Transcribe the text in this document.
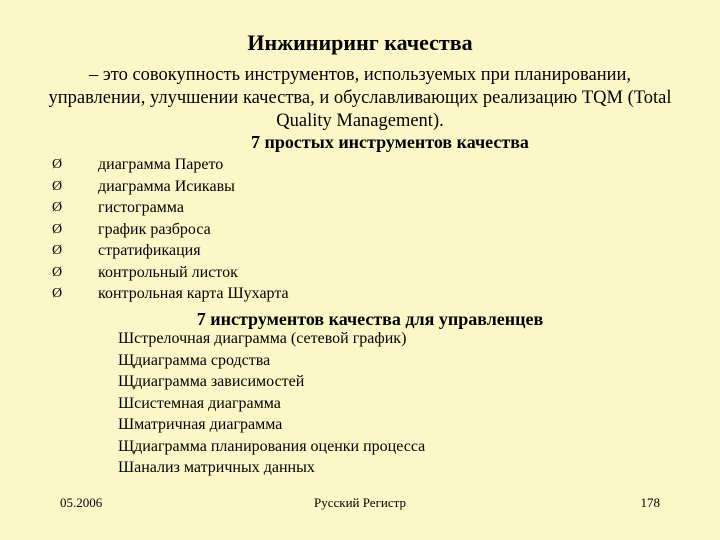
Инжиниринг качества
– это совокупность инструментов, используемых при планировании, управлении, улучшении качества, и обуславливающих реализацию TQM (Total Quality Management).
7 простых инструментов качества
Ø	диаграмма Парето
Ø	диаграмма Исикавы
Ø	гистограмма
Ø	график разброса
Ø	стратификация
Ø	контрольный листок
Ø	контрольная карта Шухарта
7 инструментов качества для управленцев
Шстрелочная диаграмма (сетевой график)
Щдиаграмма сродства
Щдиаграмма зависимостей
Шсистемная диаграмма
Шматричная диаграмма
Щдиаграмма планирования оценки процесса
Шанализ матричных данных
05.2006	Русский Регистр	178
